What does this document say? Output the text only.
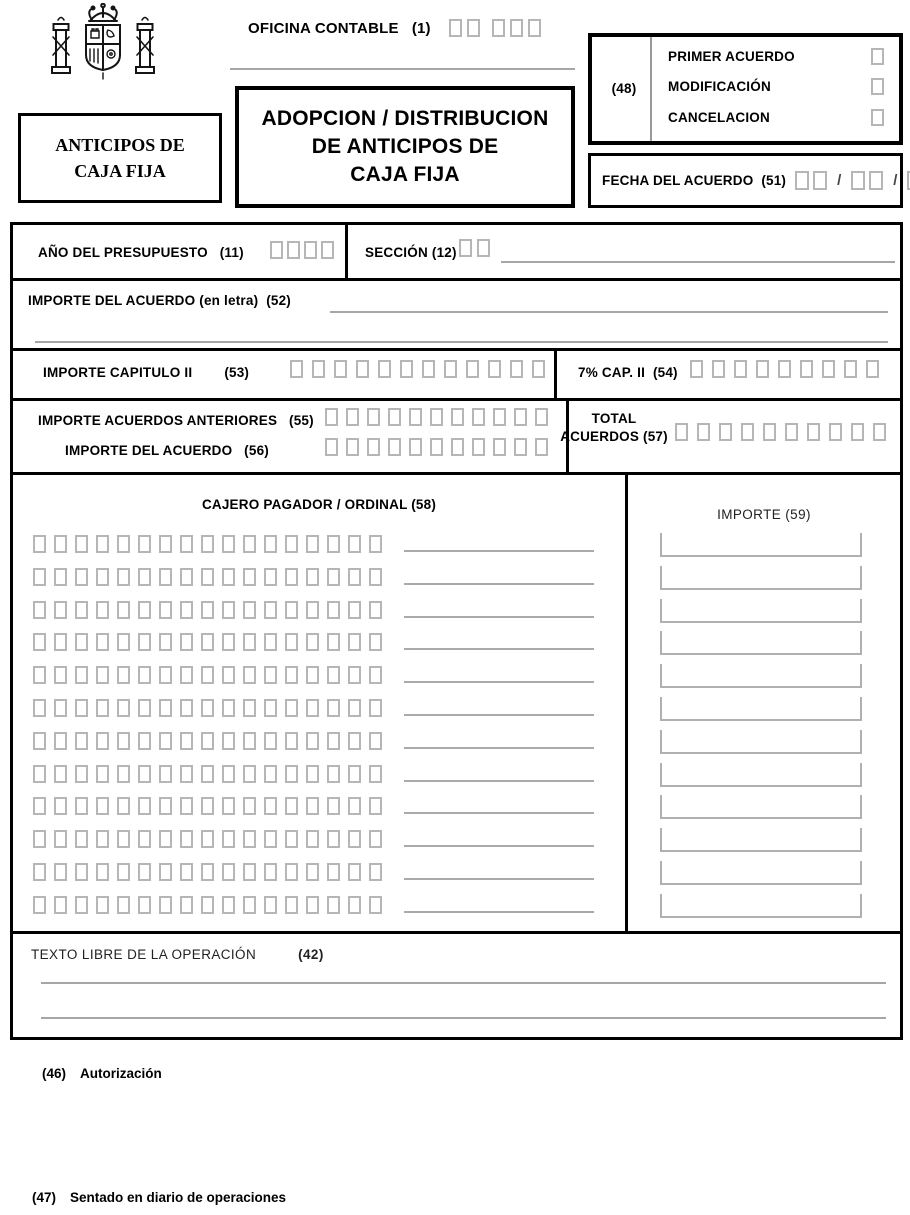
OFICINA CONTABLE (1)
ANTICIPOS DE
CAJA FIJA
ADOPCION / DISTRIBUCION
DE ANTICIPOS DE
CAJA FIJA
(48)
PRIMER ACUERDO
MODIFICACIÓN
CANCELACION
FECHA DEL ACUERDO (51)	/	/
AÑO DEL PRESUPUESTO (11)	SECCIÓN (12)
IMPORTE DEL ACUERDO (en letra) (52)
IMPORTE CAPITULO II (53)	7% CAP. II (54)
IMPORTE ACUERDOS ANTERIORES (55)
IMPORTE DEL ACUERDO (56)
TOTAL
ACUERDOS (57)
CAJERO PAGADOR / ORDINAL (58)
IMPORTE (59)
TEXTO LIBRE DE LA OPERACIÓN	(42)
(46) Autorización
(47) Sentado en diario de operaciones
